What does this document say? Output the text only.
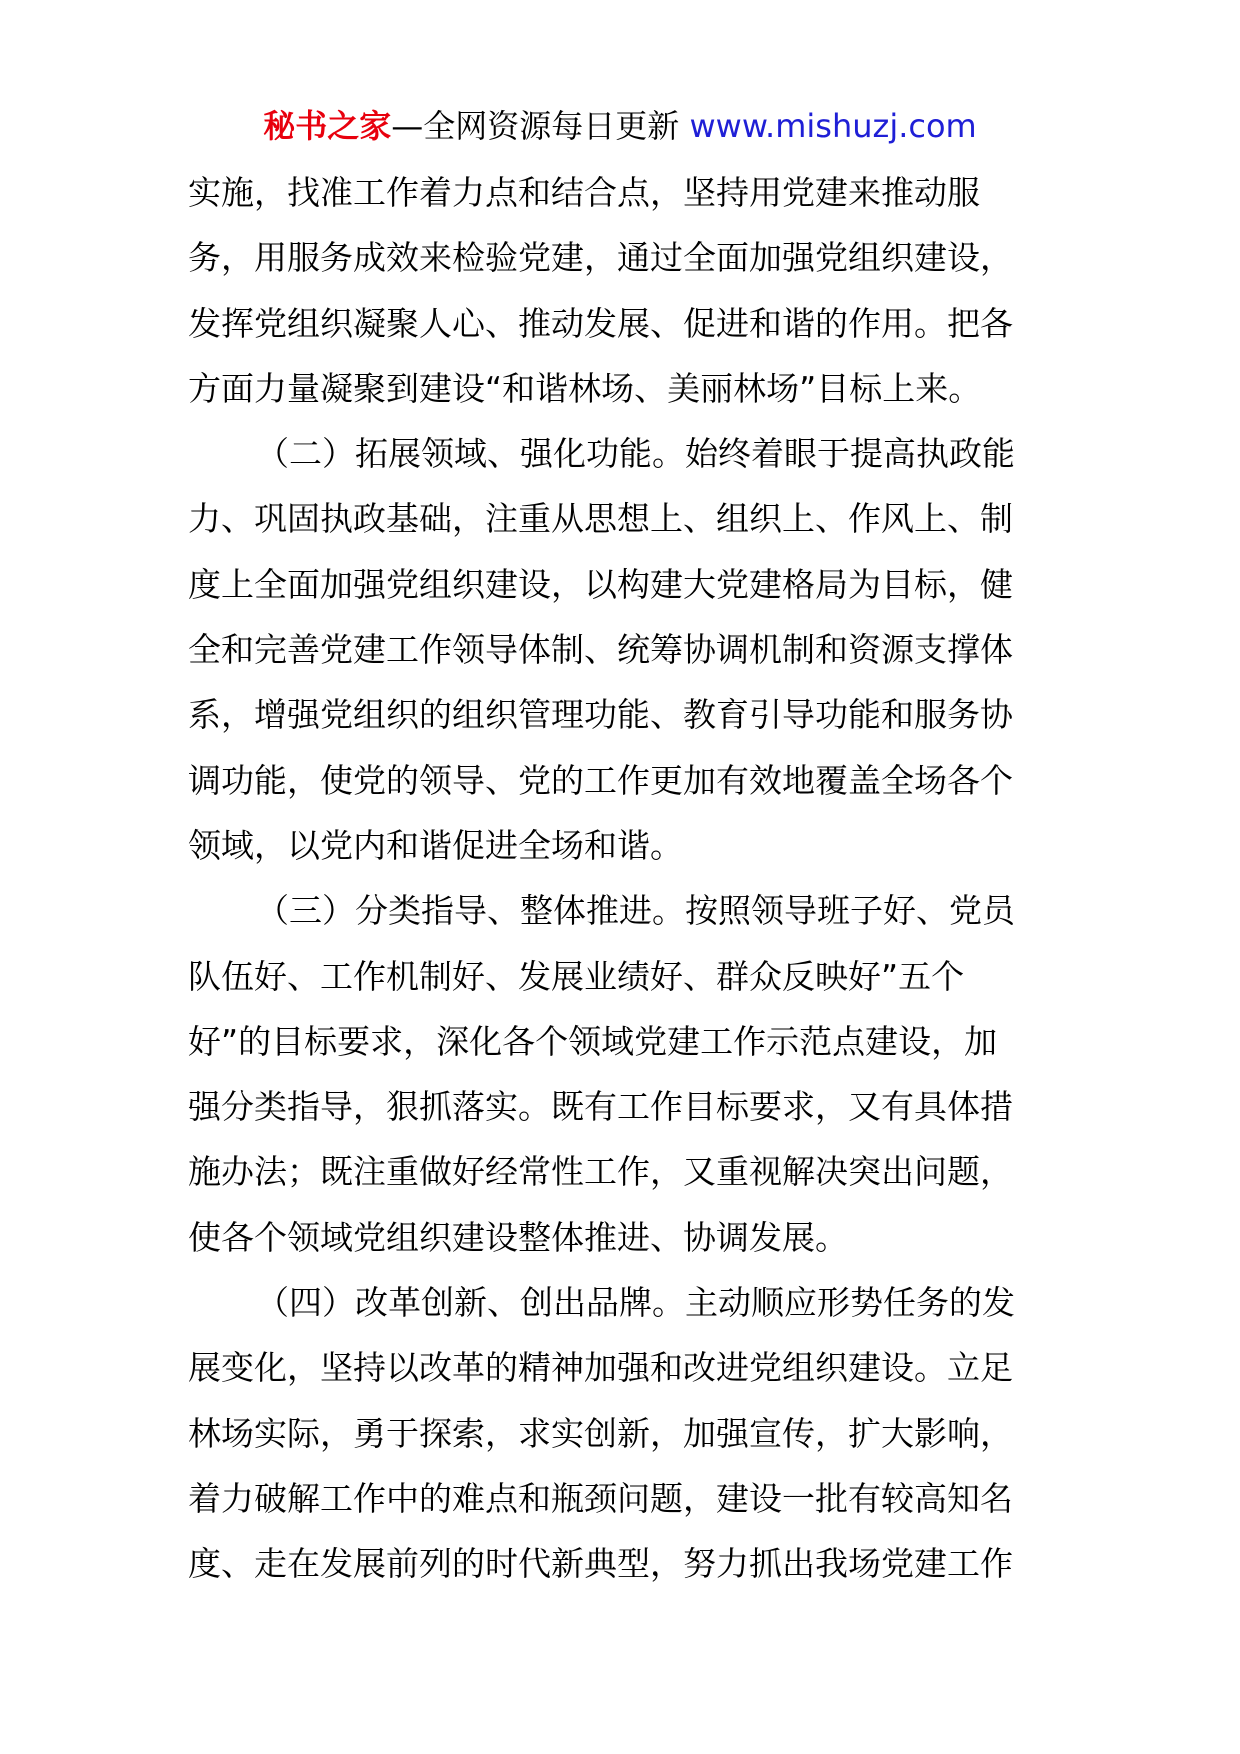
秘书之家—全网资源每日更新 www.mishuzj.com
实施，找准工作着力点和结合点，坚持用党建来推动服
务，用服务成效来检验党建，通过全面加强党组织建设，
发挥党组织凝聚人心、推动发展、促进和谐的作用。把各
方面力量凝聚到建设“和谐林场、美丽林场”目标上来。
（二）拓展领域、强化功能。始终着眼于提高执政能
力、巩固执政基础，注重从思想上、组织上、作风上、制
度上全面加强党组织建设，以构建大党建格局为目标，健
全和完善党建工作领导体制、统筹协调机制和资源支撑体
系，增强党组织的组织管理功能、教育引导功能和服务协
调功能，使党的领导、党的工作更加有效地覆盖全场各个
领域，以党内和谐促进全场和谐。
（三）分类指导、整体推进。按照领导班子好、党员
队伍好、工作机制好、发展业绩好、群众反映好”五个
好”的目标要求，深化各个领域党建工作示范点建设，加
强分类指导，狠抓落实。既有工作目标要求，又有具体措
施办法；既注重做好经常性工作，又重视解决突出问题，
使各个领域党组织建设整体推进、协调发展。
（四）改革创新、创出品牌。主动顺应形势任务的发
展变化，坚持以改革的精神加强和改进党组织建设。立足
林场实际，勇于探索，求实创新，加强宣传，扩大影响，
着力破解工作中的难点和瓶颈问题，建设一批有较高知名
度、走在发展前列的时代新典型，努力抓出我场党建工作
